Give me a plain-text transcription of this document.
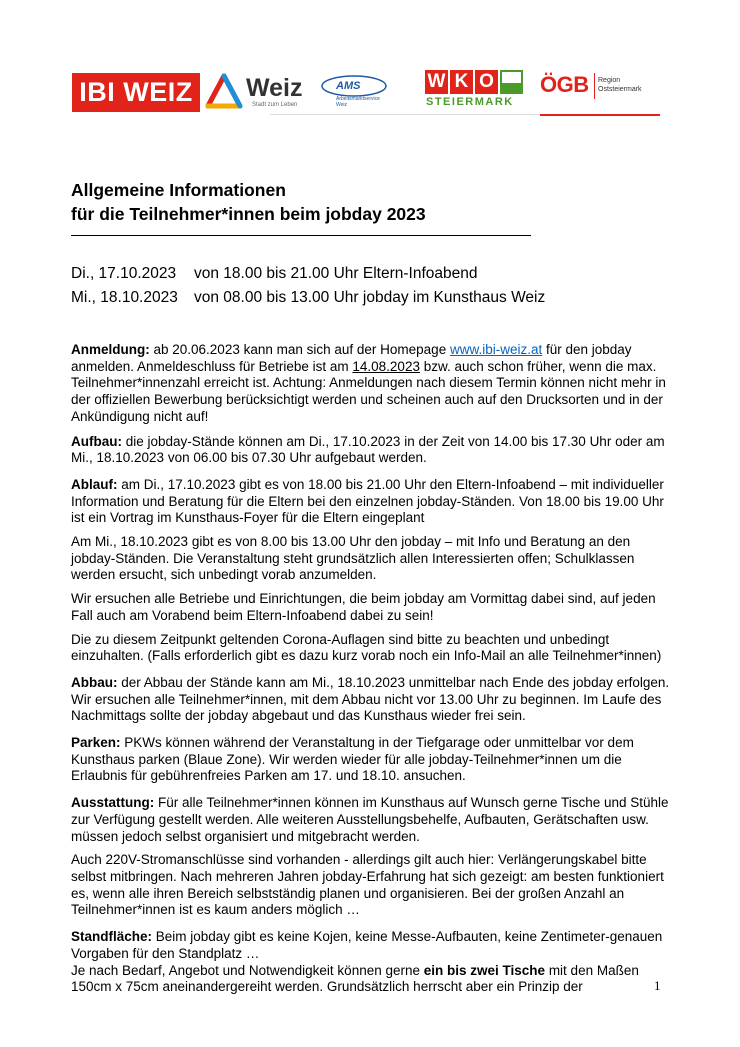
IBI WEIZ Weiz
Stadt zum Leben
AMS
Arbeitsmarktservice Weiz
W K O
STEIERMARK
ÖGB Region
Oststeiermark
Allgemeine Informationen
für die Teilnehmer*innen beim jobday 2023
Di., 17.10.2023 von 18.00 bis 21.00 Uhr Eltern-Infoabend
Mi., 18.10.2023 von 08.00 bis 13.00 Uhr jobday im Kunsthaus Weiz

Anmeldung: ab 20.06.2023 kann man sich auf der Homepage www.ibi-weiz.at für den jobday anmelden. Anmeldeschluss für Betriebe ist am 14.08.2023 bzw. auch schon früher, wenn die max. Teilnehmer*innenzahl erreicht ist. Achtung: Anmeldungen nach diesem Termin können nicht mehr in der offiziellen Bewerbung berücksichtigt werden und scheinen auch auf den Drucksorten und in der Ankündigung nicht auf!

Aufbau: die jobday-Stände können am Di., 17.10.2023 in der Zeit von 14.00 bis 17.30 Uhr oder am Mi., 18.10.2023 von 06.00 bis 07.30 Uhr aufgebaut werden.

Ablauf: am Di., 17.10.2023 gibt es von 18.00 bis 21.00 Uhr den Eltern-Infoabend – mit individueller Information und Beratung für die Eltern bei den einzelnen jobday-Ständen. Von 18.00 bis 19.00 Uhr ist ein Vortrag im Kunsthaus-Foyer für die Eltern eingeplant

Am Mi., 18.10.2023 gibt es von 8.00 bis 13.00 Uhr den jobday – mit Info und Beratung an den jobday-Ständen. Die Veranstaltung steht grundsätzlich allen Interessierten offen; Schulklassen werden ersucht, sich unbedingt vorab anzumelden.

Wir ersuchen alle Betriebe und Einrichtungen, die beim jobday am Vormittag dabei sind, auf jeden Fall auch am Vorabend beim Eltern-Infoabend dabei zu sein!

Die zu diesem Zeitpunkt geltenden Corona-Auflagen sind bitte zu beachten und unbedingt einzuhalten. (Falls erforderlich gibt es dazu kurz vorab noch ein Info-Mail an alle Teilnehmer*innen)

Abbau: der Abbau der Stände kann am Mi., 18.10.2023 unmittelbar nach Ende des jobday erfolgen. Wir ersuchen alle Teilnehmer*innen, mit dem Abbau nicht vor 13.00 Uhr zu beginnen. Im Laufe des Nachmittags sollte der jobday abgebaut und das Kunsthaus wieder frei sein.

Parken: PKWs können während der Veranstaltung in der Tiefgarage oder unmittelbar vor dem Kunsthaus parken (Blaue Zone). Wir werden wieder für alle jobday-Teilnehmer*innen um die Erlaubnis für gebührenfreies Parken am 17. und 18.10. ansuchen.

Ausstattung: Für alle Teilnehmer*innen können im Kunsthaus auf Wunsch gerne Tische und Stühle zur Verfügung gestellt werden. Alle weiteren Ausstellungsbehelfe, Aufbauten, Gerätschaften usw. müssen jedoch selbst organisiert und mitgebracht werden.

Auch 220V-Stromanschlüsse sind vorhanden - allerdings gilt auch hier: Verlängerungskabel bitte selbst mitbringen. Nach mehreren Jahren jobday-Erfahrung hat sich gezeigt: am besten funktioniert es, wenn alle ihren Bereich selbstständig planen und organisieren. Bei der großen Anzahl an Teilnehmer*innen ist es kaum anders möglich …

Standfläche: Beim jobday gibt es keine Kojen, keine Messe-Aufbauten, keine Zentimeter-genauen Vorgaben für den Standplatz …

Je nach Bedarf, Angebot und Notwendigkeit können gerne ein bis zwei Tische mit den Maßen 150cm x 75cm aneinandergereiht werden. Grundsätzlich herrscht aber ein Prinzip der	1
